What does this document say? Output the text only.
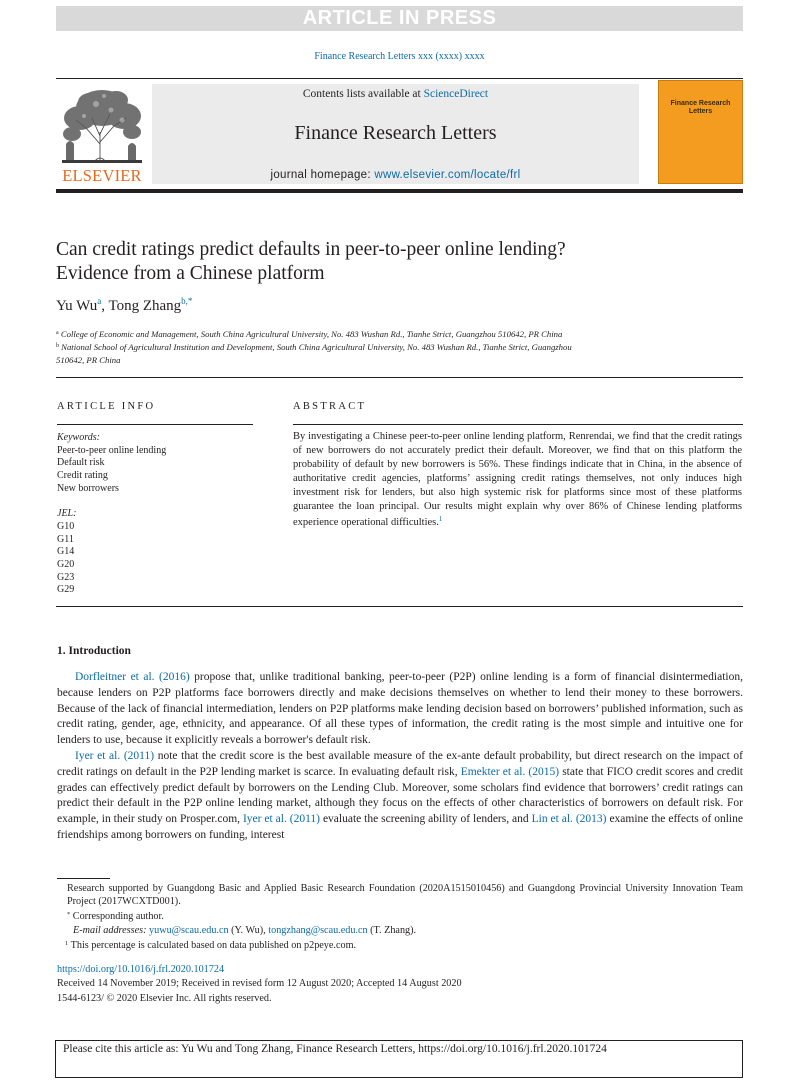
ARTICLE IN PRESS
Finance Research Letters xxx (xxxx) xxxx
ELSEVIER
Contents lists available at ScienceDirect
Finance Research Letters
journal homepage: www.elsevier.com/locate/frl
Finance Research Letters
Can credit ratings predict defaults in peer-to-peer online lending?
Evidence from a Chinese platform
Yu Wu$^a$, Tong Zhang$^{b,*}$
$^a$ College of Economic and Management, South China Agricultural University, No. 483 Wushan Rd., Tianhe Strict, Guangzhou 510642, PR China
$^b$ National School of Agricultural Institution and Development, South China Agricultural University, No. 483 Wushan Rd., Tianhe Strict, Guangzhou
510642, PR China
ARTICLE INFO	ABSTRACT
Keywords:
Peer-to-peer online lending
Default risk
Credit rating
New borrowers
JEL:
G10
G11
G14
G20
G23
G29
By investigating a Chinese peer-to-peer online lending platform, Renrendai, we find that the credit ratings of new borrowers do not accurately predict their default. Moreover, we find that on this platform the probability of default by new borrowers is 56%. These findings indicate that in China, in the absence of authoritative credit agencies, platforms’ assigning credit ratings themselves, not only induces high investment risk for lenders, but also high systemic risk for platforms since most of these platforms guarantee the loan principal. Our results might explain why over 86% of Chinese lending platforms experience operational difficulties.$^1$
1. Introduction
Dorfleitner et al. (2016) propose that, unlike traditional banking, peer-to-peer (P2P) online lending is a form of financial disintermediation, because lenders on P2P platforms face borrowers directly and make decisions themselves on whether to lend their money to these borrowers. Because of the lack of financial intermediation, lenders on P2P platforms make lending decision based on borrowers’ published information, such as credit rating, gender, age, ethnicity, and appearance. Of all these types of information, the credit rating is the most simple and intuitive one for lenders to use, because it explicitly reveals a borrower's default risk.
Iyer et al. (2011) note that the credit score is the best available measure of the ex-ante default probability, but direct research on the impact of credit ratings on default in the P2P lending market is scarce. In evaluating default risk, Emekter et al. (2015) state that FICO credit scores and credit grades can effectively predict default by borrowers on the Lending Club. Moreover, some scholars find evidence that borrowers’ credit ratings can predict their default in the P2P online lending market, although they focus on the effects of other characteristics of borrowers on default risk. For example, in their study on Prosper.com, Iyer et al. (2011) evaluate the screening ability of lenders, and Lin et al. (2013) examine the effects of online friendships among borrowers on funding, interest
Research supported by Guangdong Basic and Applied Basic Research Foundation (2020A1515010456) and Guangdong Provincial University Innovation Team Project (2017WCXTD001).
* Corresponding author.
E-mail addresses: yuwu@scau.edu.cn (Y. Wu), tongzhang@scau.edu.cn (T. Zhang).
$^1$ This percentage is calculated based on data published on p2peye.com.
https://doi.org/10.1016/j.frl.2020.101724
Received 14 November 2019; Received in revised form 12 August 2020; Accepted 14 August 2020
1544-6123/ © 2020 Elsevier Inc. All rights reserved.
Please cite this article as: Yu Wu and Tong Zhang, Finance Research Letters, https://doi.org/10.1016/j.frl.2020.101724
